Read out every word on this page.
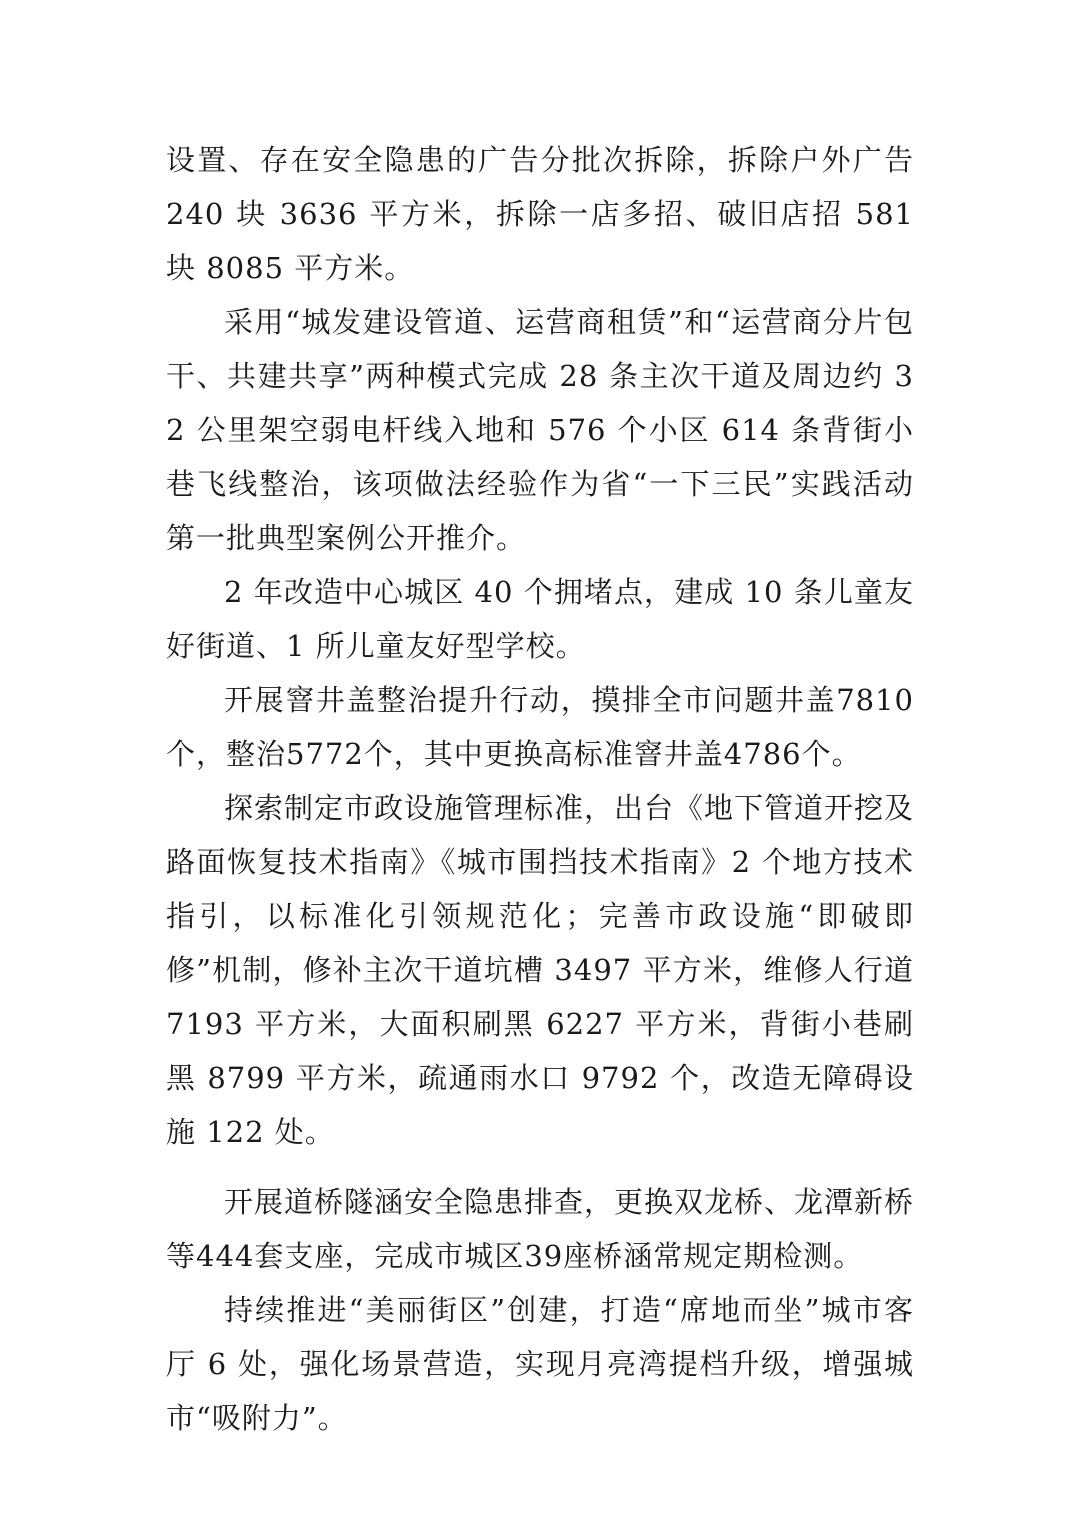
设置、存在安全隐患的广告分批次拆除，拆除户外广告 240 块 3636 平方米，拆除一店多招、破旧店招 581 块 8085 平方米。

采用“城发建设管道、运营商租赁”和“运营商分片包干、共建共享”两种模式完成 28 条主次干道及周边约 32 公里架空弱电杆线入地和 576 个小区 614 条背街小巷飞线整治，该项做法经验作为省“一下三民”实践活动第一批典型案例公开推介。

2 年改造中心城区 40 个拥堵点，建成 10 条儿童友好街道、1 所儿童友好型学校。

开展窨井盖整治提升行动，摸排全市问题井盖7810个，整治5772个，其中更换高标准窨井盖4786个。

探索制定市政设施管理标准，出台《地下管道开挖及路面恢复技术指南》《城市围挡技术指南》2 个地方技术指引，以标准化引领规范化；完善市政设施“即破即修”机制，修补主次干道坑槽 3497 平方米，维修人行道 7193 平方米，大面积刷黑 6227 平方米，背街小巷刷黑 8799 平方米，疏通雨水口 9792 个，改造无障碍设施 122 处。

开展道桥隧涵安全隐患排查，更换双龙桥、龙潭新桥等444套支座，完成市城区39座桥涵常规定期检测。

持续推进“美丽街区”创建，打造“席地而坐”城市客厅 6 处，强化场景营造，实现月亮湾提档升级，增强城市“吸附力”。
